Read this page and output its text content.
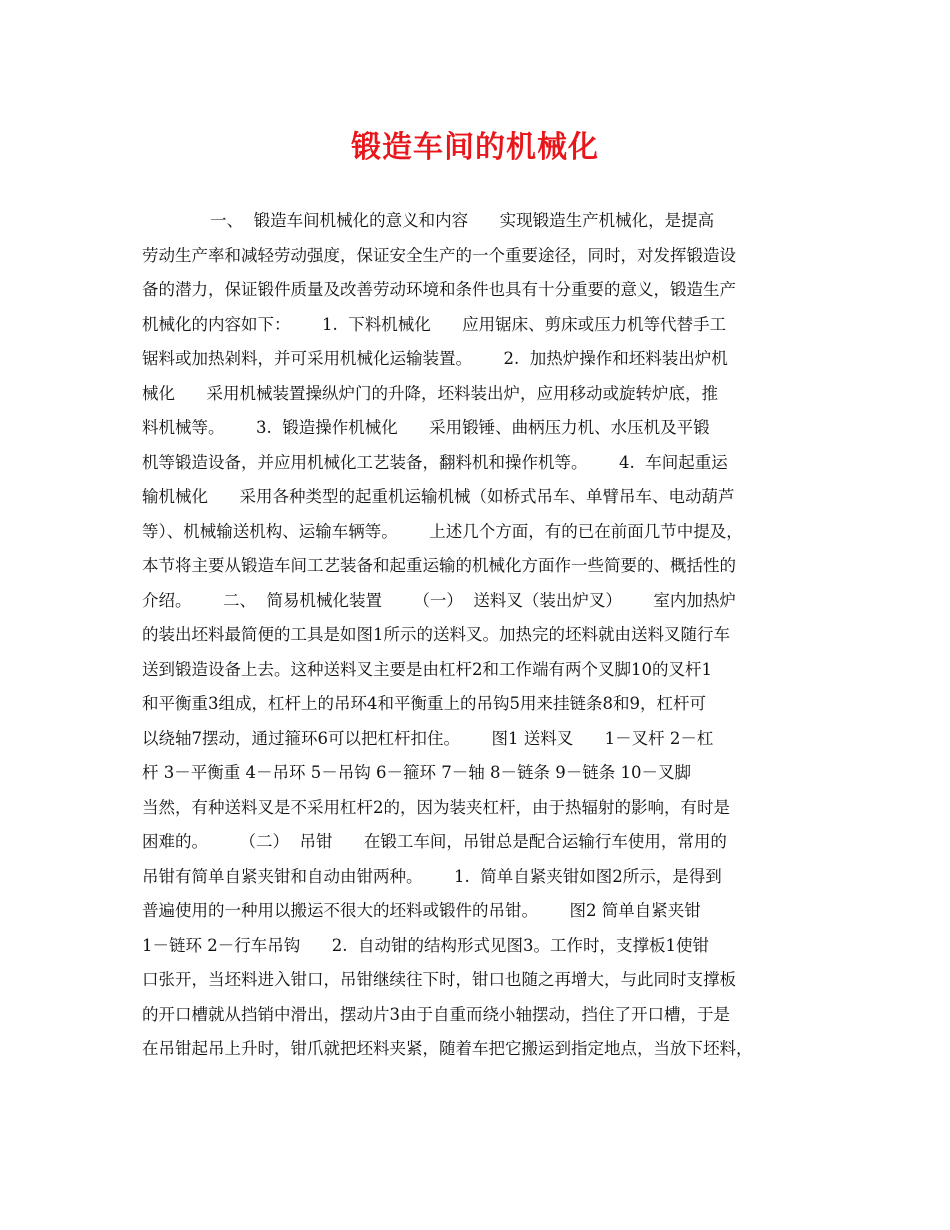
锻造车间的机械化
一、  锻造车间机械化的意义和内容      实现锻造生产机械化，是提高
劳动生产率和减轻劳动强度，保证安全生产的一个重要途径，同时，对发挥锻造设
备的潜力，保证锻件质量及改善劳动环境和条件也具有十分重要的意义，锻造生产
机械化的内容如下：      1.  下料机械化      应用锯床、剪床或压力机等代替手工
锯料或加热剁料，并可采用机械化运输装置。      2.  加热炉操作和坯料装出炉机
械化      采用机械装置操纵炉门的升降，坯料装出炉，应用移动或旋转炉底，推
料机械等。      3.  锻造操作机械化      采用锻锤、曲柄压力机、水压机及平锻
机等锻造设备，并应用机械化工艺装备，翻料机和操作机等。      4.  车间起重运
输机械化      采用各种类型的起重机运输机械（如桥式吊车、单臂吊车、电动葫芦
等）、机械输送机构、运输车辆等。      上述几个方面，有的已在前面几节中提及，
本节将主要从锻造车间工艺装备和起重运输的机械化方面作一些简要的、概括性的
介绍。      二、  简易机械化装置      （一）  送料叉（装出炉叉）      室内加热炉
的装出坯料最简便的工具是如图1所示的送料叉。加热完的坯料就由送料叉随行车
送到锻造设备上去。这种送料叉主要是由杠杆2和工作端有两个叉脚10的叉杆1
和平衡重3组成，杠杆上的吊环4和平衡重上的吊钩5用来挂链条8和9，杠杆可
以绕轴7摆动，通过箍环6可以把杠杆扣住。      图1 送料叉      1－叉杆 2－杠
杆 3－平衡重 4－吊环 5－吊钩 6－箍环 7－轴 8－链条 9－链条 10－叉脚
当然，有种送料叉是不采用杠杆2的，因为装夹杠杆，由于热辐射的影响，有时是
困难的。      （二）  吊钳      在锻工车间，吊钳总是配合运输行车使用，常用的
吊钳有简单自紧夹钳和自动由钳两种。      1.  简单自紧夹钳如图2所示，是得到
普遍使用的一种用以搬运不很大的坯料或锻件的吊钳。      图2 简单自紧夹钳
1－链环 2－行车吊钩      2.  自动钳的结构形式见图3。工作时，支撑板1使钳
口张开，当坯料进入钳口，吊钳继续往下时，钳口也随之再增大，与此同时支撑板
的开口槽就从挡销中滑出，摆动片3由于自重而绕小轴摆动，挡住了开口槽，于是
在吊钳起吊上升时，钳爪就把坯料夹紧，随着车把它搬运到指定地点，当放下坯料，
